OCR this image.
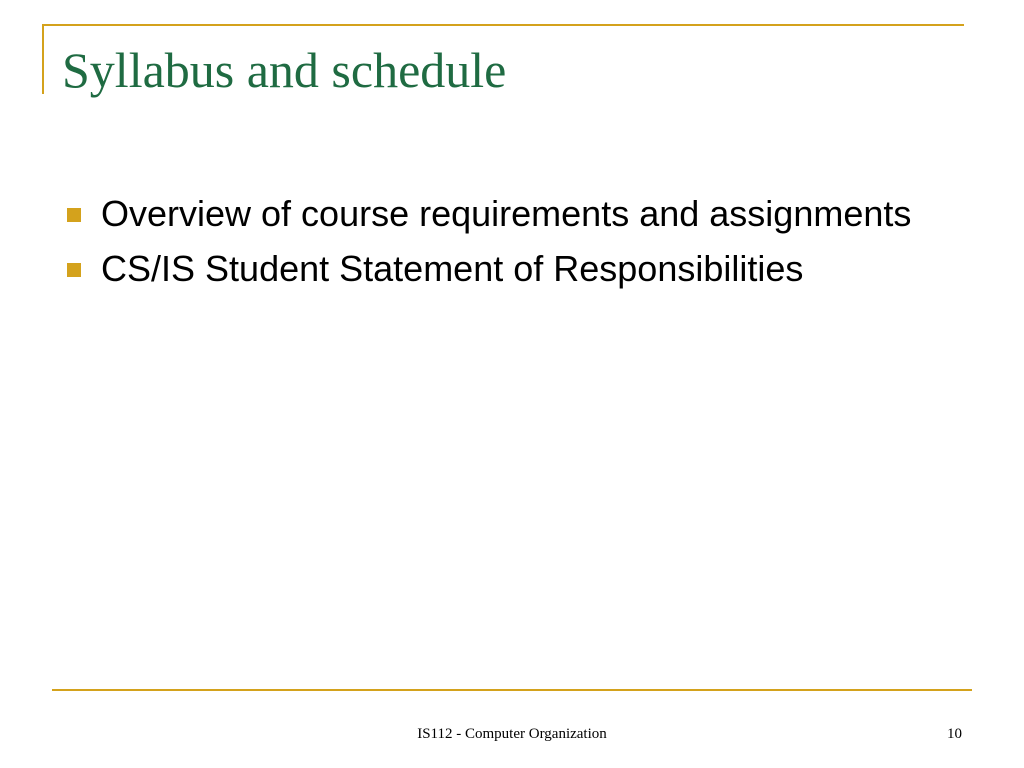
Syllabus and schedule
Overview of course requirements and assignments
CS/IS Student Statement of Responsibilities
IS112 - Computer Organization	10
